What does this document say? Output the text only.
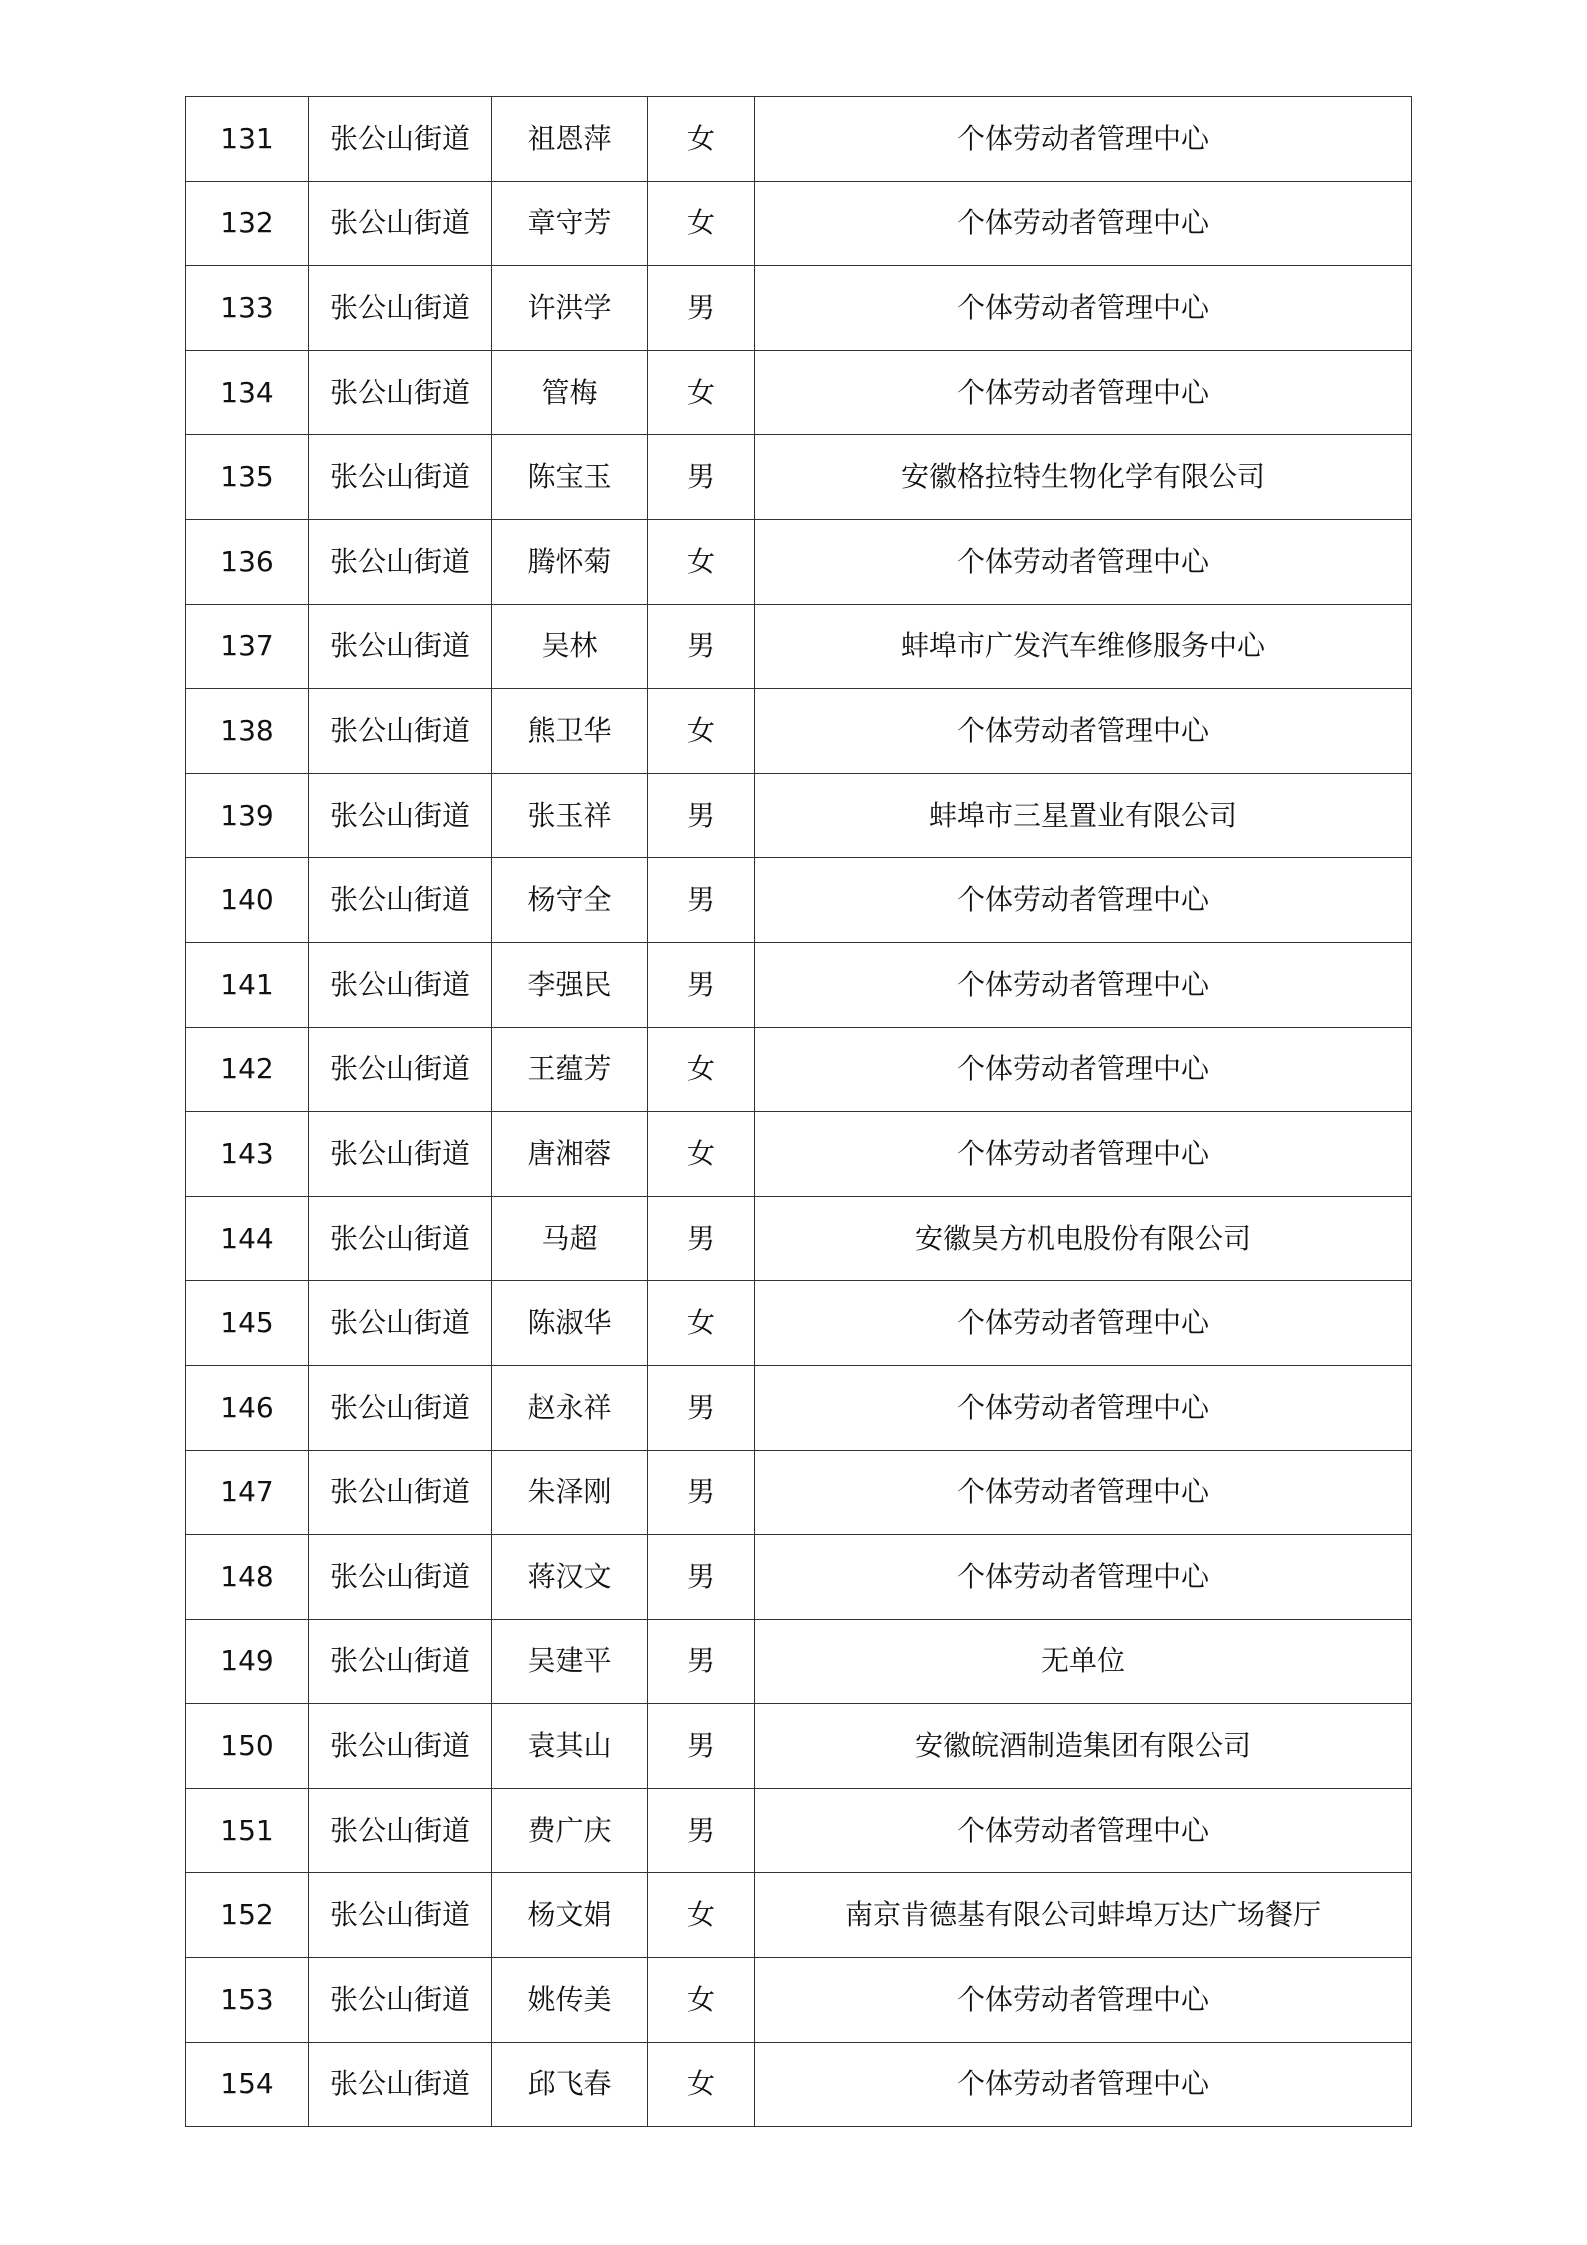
131	张公山街道	祖恩萍	女	个体劳动者管理中心
132	张公山街道	章守芳	女	个体劳动者管理中心
133	张公山街道	许洪学	男	个体劳动者管理中心
134	张公山街道	管梅	女	个体劳动者管理中心
135	张公山街道	陈宝玉	男	安徽格拉特生物化学有限公司
136	张公山街道	腾怀菊	女	个体劳动者管理中心
137	张公山街道	吴林	男	蚌埠市广发汽车维修服务中心
138	张公山街道	熊卫华	女	个体劳动者管理中心
139	张公山街道	张玉祥	男	蚌埠市三星置业有限公司
140	张公山街道	杨守全	男	个体劳动者管理中心
141	张公山街道	李强民	男	个体劳动者管理中心
142	张公山街道	王蕴芳	女	个体劳动者管理中心
143	张公山街道	唐湘蓉	女	个体劳动者管理中心
144	张公山街道	马超	男	安徽昊方机电股份有限公司
145	张公山街道	陈淑华	女	个体劳动者管理中心
146	张公山街道	赵永祥	男	个体劳动者管理中心
147	张公山街道	朱泽刚	男	个体劳动者管理中心
148	张公山街道	蒋汉文	男	个体劳动者管理中心
149	张公山街道	吴建平	男	无单位
150	张公山街道	袁其山	男	安徽皖酒制造集团有限公司
151	张公山街道	费广庆	男	个体劳动者管理中心
152	张公山街道	杨文娟	女	南京肯德基有限公司蚌埠万达广场餐厅
153	张公山街道	姚传美	女	个体劳动者管理中心
154	张公山街道	邱飞春	女	个体劳动者管理中心
